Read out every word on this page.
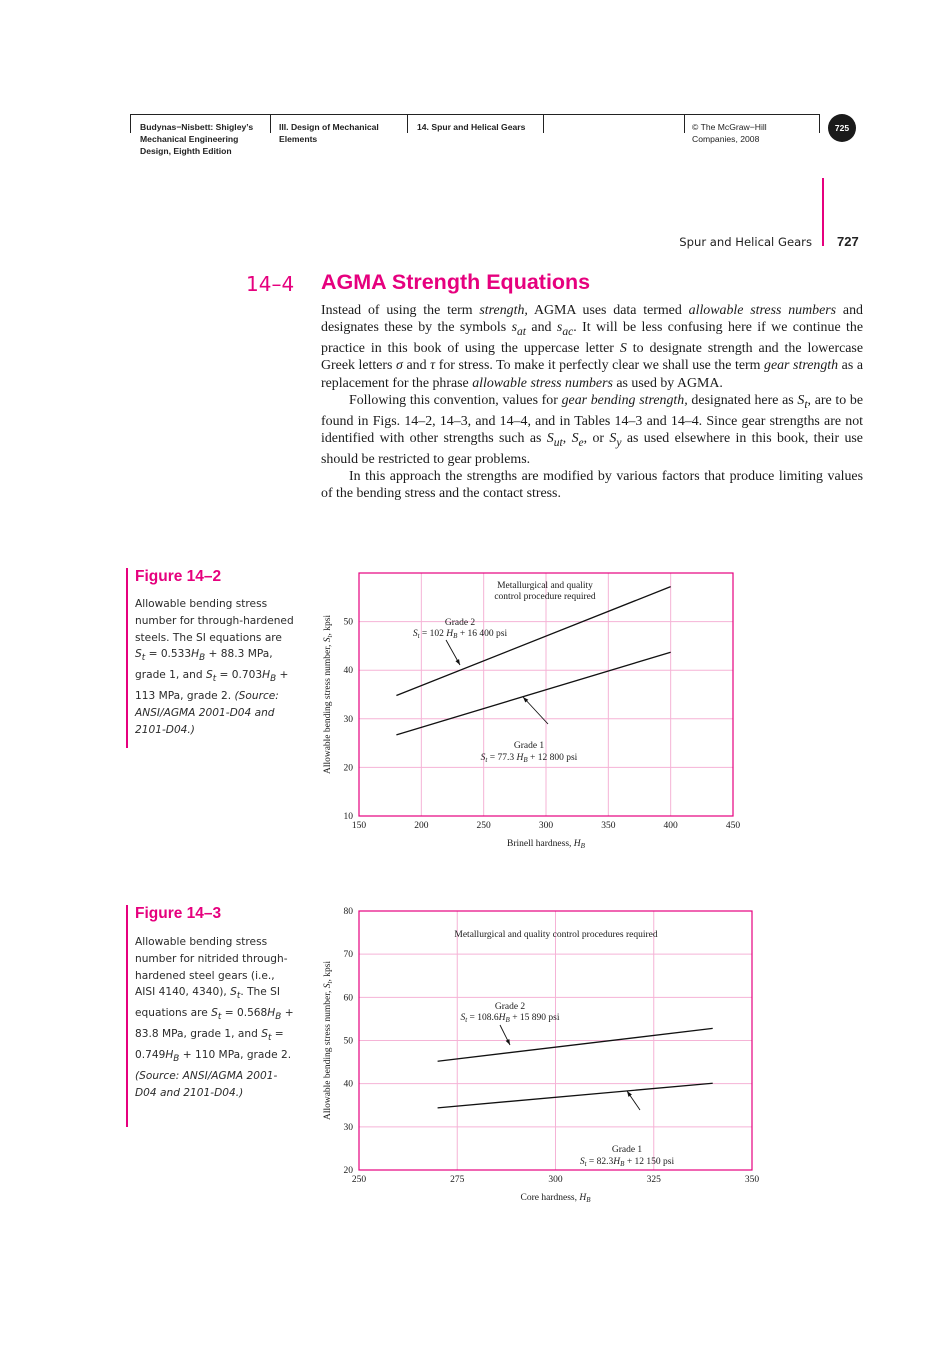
Budynas−Nisbett: Shigley’s Mechanical Engineering Design, Eighth Edition
III. Design of Mechanical Elements
14. Spur and Helical Gears	© The McGraw−Hill Companies, 2008
725
Spur and Helical Gears 727
14–4 AGMA Strength Equations

Instead of using the term strength, AGMA uses data termed allowable stress numbers and designates these by the symbols $s_{at}$ and $s_{ac}$. It will be less confusing here if we continue the practice in this book of using the uppercase letter S to designate strength and the lowercase Greek letters σ and τ for stress. To make it perfectly clear we shall use the term gear strength as a replacement for the phrase allowable stress numbers as used by AGMA.

Following this convention, values for gear bending strength, designated here as $S_t$, are to be found in Figs. 14–2, 14–3, and 14–4, and in Tables 14–3 and 14–4. Since gear strengths are not identified with other strengths such as $S_{ut}$, $S_e$, or $S_y$ as used elsewhere in this book, their use should be restricted to gear problems.

In this approach the strengths are modified by various factors that produce limiting values of the bending stress and the contact stress.

Figure 14–2
Allowable bending stress number for through-hardened steels. The SI equations are $S_t = 0.533H_B + 88.3$ MPa, grade 1, and $S_t = 0.703H_B + 113$ MPa, grade 2. (Source: ANSI/AGMA 2001-D04 and 2101-D04.)
150	200	250	300	350	400	450
10
20
30
40
50
Brinell hardness, $H_B$
Allowable bending stress number, $S_t$, kpsi
Metallurgical and quality
control procedure required
Grade 2
$S_t = 102$ $H_B + 16$ 400 psi
Grade 1
$S_t = 77.3$ $H_B + 12$ 800 psi
Figure 14–3
Allowable bending stress number for nitrided through-hardened steel gears (i.e., AISI 4140, 4340), $S_t$. The SI equations are $S_t = 0.568H_B + 83.8$ MPa, grade 1, and $S_t = 0.749H_B + 110$ MPa, grade 2. (Source: ANSI/AGMA 2001-D04 and 2101-D04.)
250	275	300	325	350
20
30
40
50
60
70
80
Core hardness, $H_B$
Allowable bending stress number, $S_t$, kpsi
Metallurgical and quality control procedures required
Grade 2
$S_t = 108.6H_B + 15$ 890 psi
Grade 1
$S_t = 82.3H_B + 12$ 150 psi
